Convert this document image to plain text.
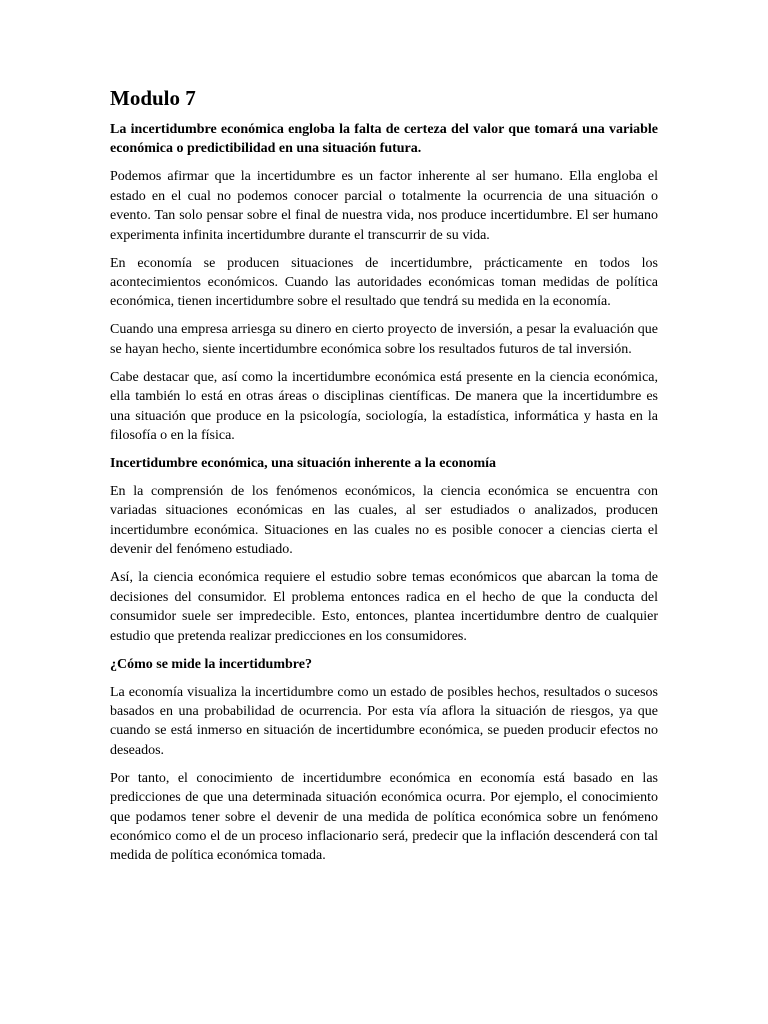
Modulo 7

La incertidumbre económica engloba la falta de certeza del valor que tomará una variable económica o predictibilidad en una situación futura.

Podemos afirmar que la incertidumbre es un factor inherente al ser humano. Ella engloba el estado en el cual no podemos conocer parcial o totalmente la ocurrencia de una situación o evento. Tan solo pensar sobre el final de nuestra vida, nos produce incertidumbre. El ser humano experimenta infinita incertidumbre durante el transcurrir de su vida.

En economía se producen situaciones de incertidumbre, prácticamente en todos los acontecimientos económicos. Cuando las autoridades económicas toman medidas de política económica, tienen incertidumbre sobre el resultado que tendrá su medida en la economía.

Cuando una empresa arriesga su dinero en cierto proyecto de inversión, a pesar la evaluación que se hayan hecho, siente incertidumbre económica sobre los resultados futuros de tal inversión.

Cabe destacar que, así como la incertidumbre económica está presente en la ciencia económica, ella también lo está en otras áreas o disciplinas científicas. De manera que la incertidumbre es una situación que produce en la psicología, sociología, la estadística, informática y hasta en la filosofía o en la física.

Incertidumbre económica, una situación inherente a la economía

En la comprensión de los fenómenos económicos, la ciencia económica se encuentra con variadas situaciones económicas en las cuales, al ser estudiados o analizados, producen incertidumbre económica. Situaciones en las cuales no es posible conocer a ciencias cierta el devenir del fenómeno estudiado.

Así, la ciencia económica requiere el estudio sobre temas económicos que abarcan la toma de decisiones del consumidor. El problema entonces radica en el hecho de que la conducta del consumidor suele ser impredecible. Esto, entonces, plantea incertidumbre dentro de cualquier estudio que pretenda realizar predicciones en los consumidores.

¿Cómo se mide la incertidumbre?

La economía visualiza la incertidumbre como un estado de posibles hechos, resultados o sucesos basados en una probabilidad de ocurrencia. Por esta vía aflora la situación de riesgos, ya que cuando se está inmerso en situación de incertidumbre económica, se pueden producir efectos no deseados.

Por tanto, el conocimiento de incertidumbre económica en economía está basado en las predicciones de que una determinada situación económica ocurra. Por ejemplo, el conocimiento que podamos tener sobre el devenir de una medida de política económica sobre un fenómeno económico como el de un proceso inflacionario será, predecir que la inflación descenderá con tal medida de política económica tomada.
